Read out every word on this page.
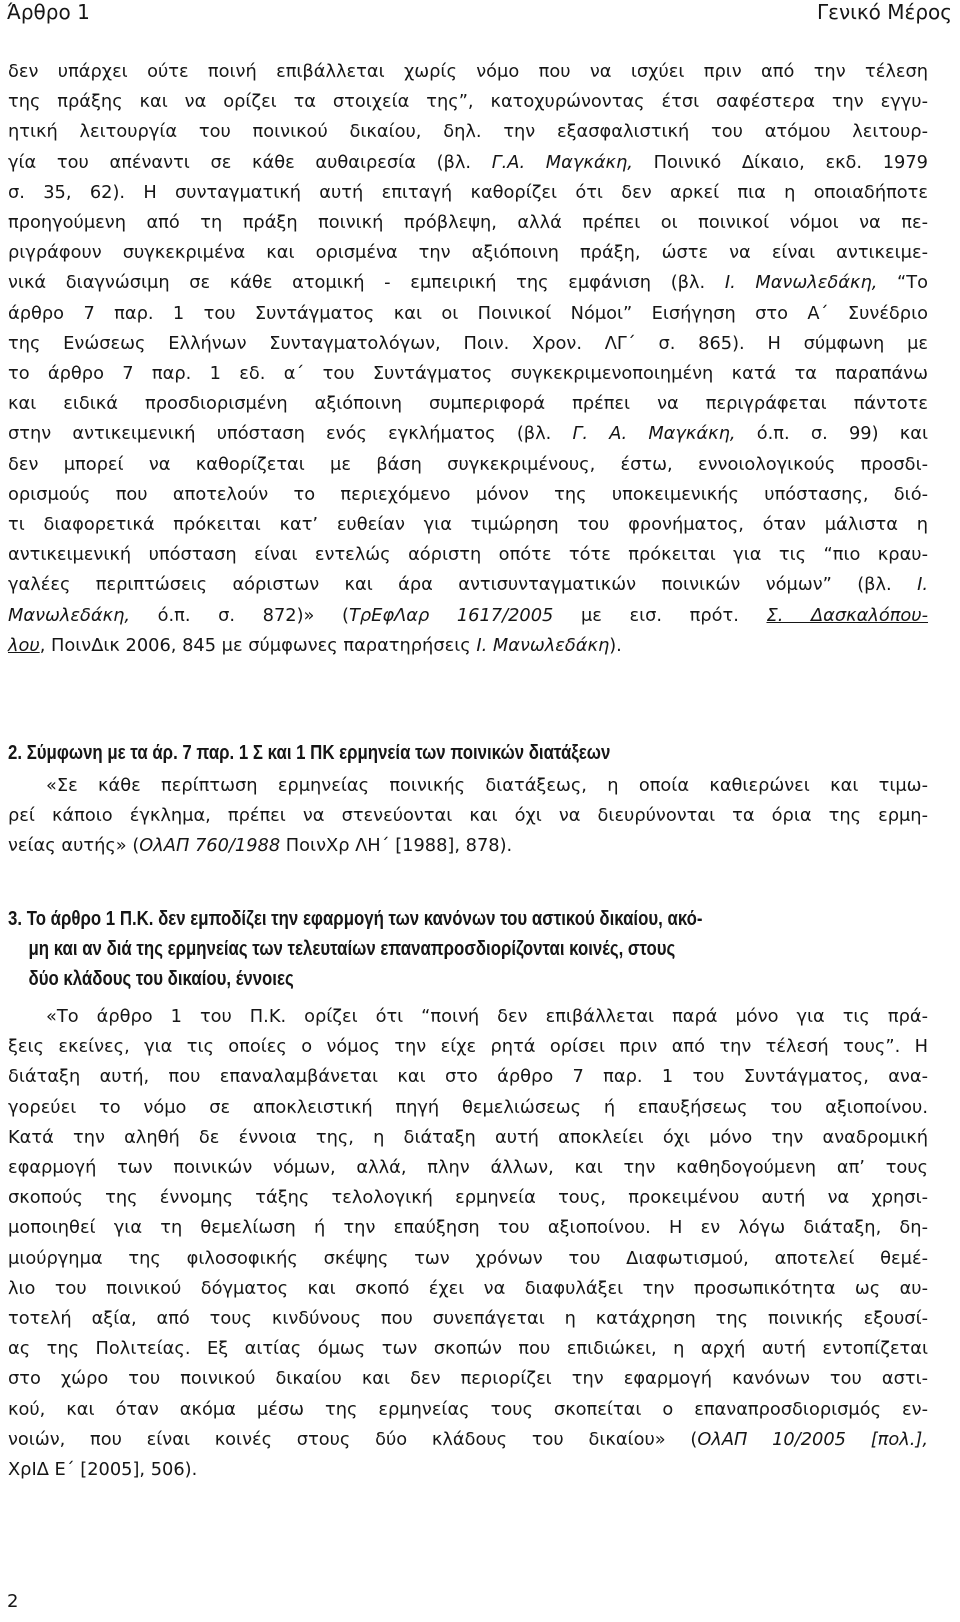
Άρθρο 1	Γενικό Μέρος
δεν υπάρχει ούτε ποινή επιβάλλεται χωρίς νόμο που να ισχύει πριν από την τέλεση
της πράξης και να ορίζει τα στοιχεία της”, κατοχυρώνοντας έτσι σαφέστερα την εγγυ-
ητική λειτουργία του ποινικού δικαίου, δηλ. την εξασφαλιστική του ατόμου λειτουρ-
γία του απέναντι σε κάθε αυθαιρεσία (βλ. Γ.Α. Μαγκάκη, Ποινικό Δίκαιο, εκδ. 1979
σ. 35, 62). Η συνταγματική αυτή επιταγή καθορίζει ότι δεν αρκεί πια η οποιαδήποτε
προηγούμενη από τη πράξη ποινική πρόβλεψη, αλλά πρέπει οι ποινικοί νόμοι να πε-
ριγράφουν συγκεκριμένα και ορισμένα την αξιόποινη πράξη, ώστε να είναι αντικειμε-
νικά διαγνώσιμη σε κάθε ατομική - εμπειρική της εμφάνιση (βλ. Ι. Μανωλεδάκη, “Το
άρθρο 7 παρ. 1 του Συντάγματος και οι Ποινικοί Νόμοι” Εισήγηση στο Α΄ Συνέδριο
της Ενώσεως Ελλήνων Συνταγματολόγων, Ποιν. Χρον. ΛΓ΄ σ. 865). Η σύμφωνη με
το άρθρο 7 παρ. 1 εδ. α΄ του Συντάγματος συγκεκριμενοποιημένη κατά τα παραπάνω
και ειδικά προσδιορισμένη αξιόποινη συμπεριφορά πρέπει να περιγράφεται πάντοτε
στην αντικειμενική υπόσταση ενός εγκλήματος (βλ. Γ. Α. Μαγκάκη, ό.π. σ. 99) και
δεν μπορεί να καθορίζεται με βάση συγκεκριμένους, έστω, εννοιολογικούς προσδι-
ορισμούς που αποτελούν το περιεχόμενο μόνον της υποκειμενικής υπόστασης, διό-
τι διαφορετικά πρόκειται κατ’ ευθείαν για τιμώρηση του φρονήματος, όταν μάλιστα η
αντικειμενική υπόσταση είναι εντελώς αόριστη οπότε τότε πρόκειται για τις “πιο κραυ-
γαλέες περιπτώσεις αόριστων και άρα αντισυνταγματικών ποινικών νόμων” (βλ. Ι.
Μανωλεδάκη, ό.π. σ. 872)» (ΤρΕφΛαρ 1617/2005 με εισ. πρότ. Σ. Δασκαλόπου-
λου, ΠοινΔικ 2006, 845 με σύμφωνες παρατηρήσεις Ι. Μανωλεδάκη).
2. Σύμφωνη με τα άρ. 7 παρ. 1 Σ και 1 ΠΚ ερμηνεία των ποινικών διατάξεων
«Σε κάθε περίπτωση ερμηνείας ποινικής διατάξεως, η οποία καθιερώνει και τιμω-
ρεί κάποιο έγκλημα, πρέπει να στενεύονται και όχι να διευρύνονται τα όρια της ερμη-
νείας αυτής» (ΟλΑΠ 760/1988 ΠοινΧρ ΛΗ΄ [1988], 878).
3. Το άρθρο 1 Π.Κ. δεν εμποδίζει την εφαρμογή των κανόνων του αστικού δικαίου, ακό-
μη και αν διά της ερμηνείας των τελευταίων επαναπροσδιορίζονται κοινές, στους
δύο κλάδους του δικαίου, έννοιες
«Το άρθρο 1 του Π.Κ. ορίζει ότι “ποινή δεν επιβάλλεται παρά μόνο για τις πρά-
ξεις εκείνες, για τις οποίες ο νόμος την είχε ρητά ορίσει πριν από την τέλεσή τους”. Η
διάταξη αυτή, που επαναλαμβάνεται και στο άρθρο 7 παρ. 1 του Συντάγματος, ανα-
γορεύει το νόμο σε αποκλειστική πηγή θεμελιώσεως ή επαυξήσεως του αξιοποίνου.
Κατά την αληθή δε έννοια της, η διάταξη αυτή αποκλείει όχι μόνο την αναδρομική
εφαρμογή των ποινικών νόμων, αλλά, πλην άλλων, και την καθηδογούμενη απ’ τους
σκοπούς της έννομης τάξης τελολογική ερμηνεία τους, προκειμένου αυτή να χρησι-
μοποιηθεί για τη θεμελίωση ή την επαύξηση του αξιοποίνου. Η εν λόγω διάταξη, δη-
μιούργημα της φιλοσοφικής σκέψης των χρόνων του Διαφωτισμού, αποτελεί θεμέ-
λιο του ποινικού δόγματος και σκοπό έχει να διαφυλάξει την προσωπικότητα ως αυ-
τοτελή αξία, από τους κινδύνους που συνεπάγεται η κατάχρηση της ποινικής εξουσί-
ας της Πολιτείας. Εξ αιτίας όμως των σκοπών που επιδιώκει, η αρχή αυτή εντοπίζεται
στο χώρο του ποινικού δικαίου και δεν περιορίζει την εφαρμογή κανόνων του αστι-
κού, και όταν ακόμα μέσω της ερμηνείας τους σκοπείται ο επαναπροσδιορισμός εν-
νοιών, που είναι κοινές στους δύο κλάδους του δικαίου» (ΟλΑΠ 10/2005 [πολ.],
ΧρΙΔ Ε΄ [2005], 506).
2
